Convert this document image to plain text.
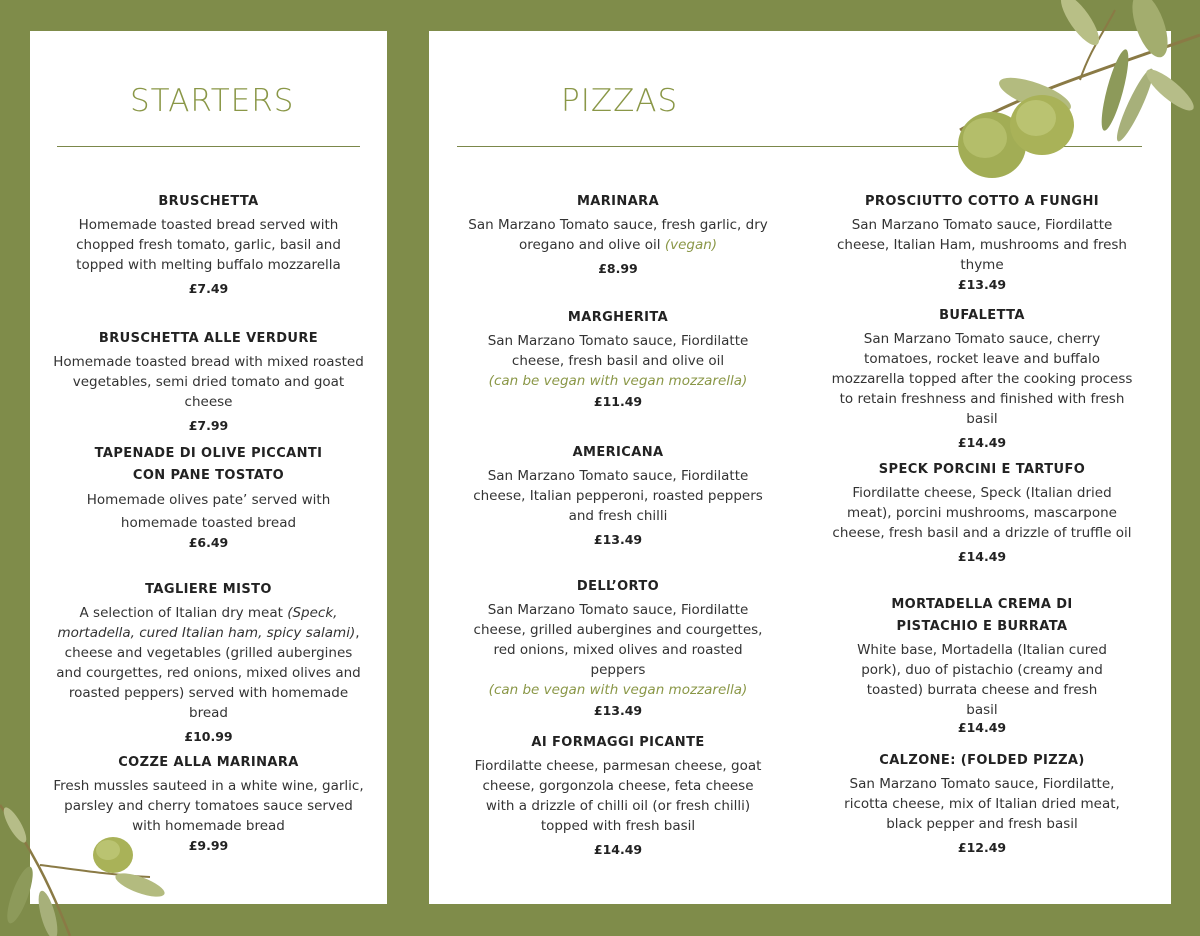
STARTERS
BRUSCHETTA
Homemade toasted bread served with chopped fresh tomato, garlic, basil and topped with melting buffalo mozzarella
£7.49
BRUSCHETTA ALLE VERDURE
Homemade toasted bread with mixed roasted vegetables, semi dried tomato and goat cheese
£7.99
TAPENADE DI OLIVE PICCANTI CON PANE TOSTATO
Homemade olives pate’ served with homemade toasted bread
£6.49
TAGLIERE MISTO
A selection of Italian dry meat (Speck, mortadella, cured Italian ham, spicy salami), cheese and vegetables (grilled aubergines and courgettes, red onions, mixed olives and roasted peppers) served with homemade bread
£10.99
COZZE ALLA MARINARA
Fresh mussles sauteed in a white wine, garlic, parsley and cherry tomatoes sauce served with homemade bread
£9.99
PIZZAS
MARINARA
San Marzano Tomato sauce, fresh garlic, dry oregano and olive oil (vegan)
£8.99
MARGHERITA
San Marzano Tomato sauce, Fiordilatte cheese, fresh basil and olive oil
(can be vegan with vegan mozzarella)
£11.49
AMERICANA
San Marzano Tomato sauce, Fiordilatte cheese, Italian pepperoni, roasted peppers and fresh chilli
£13.49
DELL’ORTO
San Marzano Tomato sauce, Fiordilatte cheese, grilled aubergines and courgettes, red onions, mixed olives and roasted peppers
(can be vegan with vegan mozzarella)
£13.49
AI FORMAGGI PICANTE
Fiordilatte cheese, parmesan cheese, goat cheese, gorgonzola cheese, feta cheese with a drizzle of chilli oil (or fresh chilli) topped with fresh basil
£14.49
PROSCIUTTO COTTO A FUNGHI
San Marzano Tomato sauce, Fiordilatte cheese, Italian Ham, mushrooms and fresh thyme
£13.49
BUFALETTA
San Marzano Tomato sauce, cherry tomatoes, rocket leave and buffalo mozzarella topped after the cooking process to retain freshness and finished with fresh basil
£14.49
SPECK PORCINI E TARTUFO
Fiordilatte cheese, Speck (Italian dried meat), porcini mushrooms, mascarpone cheese, fresh basil and a drizzle of truffle oil
£14.49
MORTADELLA CREMA DI PISTACHIO E BURRATA
White base, Mortadella (Italian cured pork), duo of pistachio (creamy and toasted) burrata cheese and fresh basil
£14.49
CALZONE: (FOLDED PIZZA)
San Marzano Tomato sauce, Fiordilatte, ricotta cheese, mix of Italian dried meat, black pepper and fresh basil
£12.49
